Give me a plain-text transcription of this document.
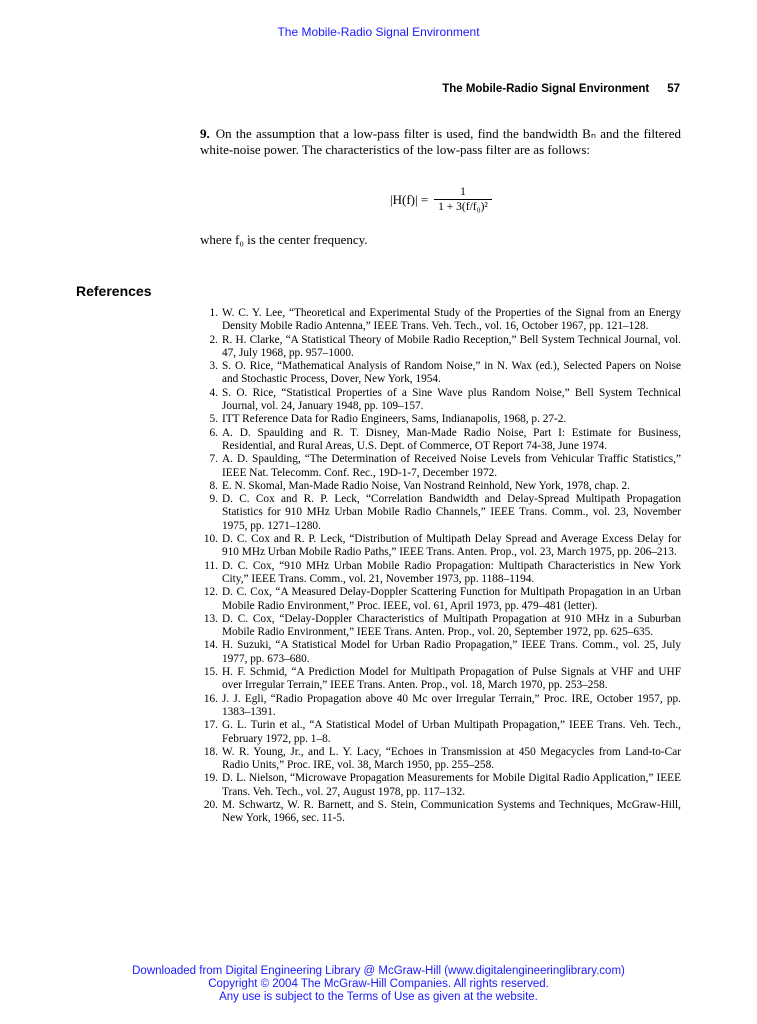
The Mobile-Radio Signal Environment
The Mobile-Radio Signal Environment 57
9. On the assumption that a low-pass filter is used, find the bandwidth Bₙ and the filtered white-noise power. The characteristics of the low-pass filter are as follows:
$|H(f)| = \frac{1}{\text{1 + 3(f/f₀)²}}$
where f₀ is the center frequency.
References
1. W. C. Y. Lee, “Theoretical and Experimental Study of the Properties of the Signal from an Energy Density Mobile Radio Antenna,” IEEE Trans. Veh. Tech., vol. 16, October 1967, pp. 121–128.
2. R. H. Clarke, “A Statistical Theory of Mobile Radio Reception,” Bell System Technical Journal, vol. 47, July 1968, pp. 957–1000.
3. S. O. Rice, “Mathematical Analysis of Random Noise,” in N. Wax (ed.), Selected Papers on Noise and Stochastic Process, Dover, New York, 1954.
4. S. O. Rice, “Statistical Properties of a Sine Wave plus Random Noise,” Bell System Technical Journal, vol. 24, January 1948, pp. 109–157.
5. ITT Reference Data for Radio Engineers, Sams, Indianapolis, 1968, p. 27-2.
6. A. D. Spaulding and R. T. Disney, Man-Made Radio Noise, Part I: Estimate for Business, Residential, and Rural Areas, U.S. Dept. of Commerce, OT Report 74-38, June 1974.
7. A. D. Spaulding, “The Determination of Received Noise Levels from Vehicular Traffic Statistics,” IEEE Nat. Telecomm. Conf. Rec., 19D-1-7, December 1972.
8. E. N. Skomal, Man-Made Radio Noise, Van Nostrand Reinhold, New York, 1978, chap. 2.
9. D. C. Cox and R. P. Leck, “Correlation Bandwidth and Delay-Spread Multipath Propagation Statistics for 910 MHz Urban Mobile Radio Channels,” IEEE Trans. Comm., vol. 23, November 1975, pp. 1271–1280.
10. D. C. Cox and R. P. Leck, “Distribution of Multipath Delay Spread and Average Excess Delay for 910 MHz Urban Mobile Radio Paths,” IEEE Trans. Anten. Prop., vol. 23, March 1975, pp. 206–213.
11. D. C. Cox, “910 MHz Urban Mobile Radio Propagation: Multipath Characteristics in New York City,” IEEE Trans. Comm., vol. 21, November 1973, pp. 1188–1194.
12. D. C. Cox, “A Measured Delay-Doppler Scattering Function for Multipath Propagation in an Urban Mobile Radio Environment,” Proc. IEEE, vol. 61, April 1973, pp. 479–481 (letter).
13. D. C. Cox, “Delay-Doppler Characteristics of Multipath Propagation at 910 MHz in a Suburban Mobile Radio Environment,” IEEE Trans. Anten. Prop., vol. 20, September 1972, pp. 625–635.
14. H. Suzuki, “A Statistical Model for Urban Radio Propagation,” IEEE Trans. Comm., vol. 25, July 1977, pp. 673–680.
15. H. F. Schmid, “A Prediction Model for Multipath Propagation of Pulse Signals at VHF and UHF over Irregular Terrain,” IEEE Trans. Anten. Prop., vol. 18, March 1970, pp. 253–258.
16. J. J. Egli, “Radio Propagation above 40 Mc over Irregular Terrain,” Proc. IRE, October 1957, pp. 1383–1391.
17. G. L. Turin et al., “A Statistical Model of Urban Multipath Propagation,” IEEE Trans. Veh. Tech., February 1972, pp. 1–8.
18. W. R. Young, Jr., and L. Y. Lacy, “Echoes in Transmission at 450 Megacycles from Land-to-Car Radio Units,” Proc. IRE, vol. 38, March 1950, pp. 255–258.
19. D. L. Nielson, “Microwave Propagation Measurements for Mobile Digital Radio Application,” IEEE Trans. Veh. Tech., vol. 27, August 1978, pp. 117–132.
20. M. Schwartz, W. R. Barnett, and S. Stein, Communication Systems and Techniques, McGraw-Hill, New York, 1966, sec. 11-5.
Downloaded from Digital Engineering Library @ McGraw-Hill (www.digitalengineeringlibrary.com)
Copyright © 2004 The McGraw-Hill Companies. All rights reserved.
Any use is subject to the Terms of Use as given at the website.
